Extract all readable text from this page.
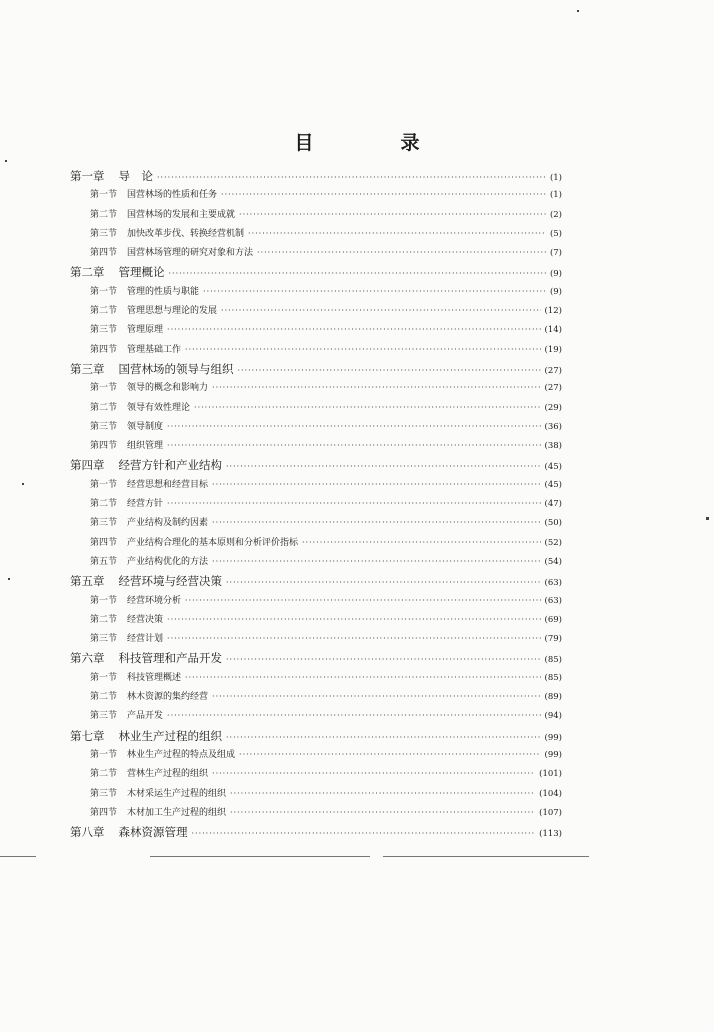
目　录
第一章 导　论 ·····	(1)
第一节 国营林场的性质和任务 ·····	(1)
第二节 国营林场的发展和主要成就 ·····	(2)
第三节 加快改革步伐、转换经营机制 ·····	(5)
第四节 国营林场管理的研究对象和方法 ·····	(7)
第二章 管理概论 ·····	(9)
第一节 管理的性质与职能 ·····	(9)
第二节 管理思想与理论的发展 ·····	(12)
第三节 管理原理 ·····	(14)
第四节 管理基础工作 ·····	(19)
第三章 国营林场的领导与组织 ·····	(27)
第一节 领导的概念和影响力 ·····	(27)
第二节 领导有效性理论 ·····	(29)
第三节 领导制度 ·····	(36)
第四节 组织管理 ·····	(38)
第四章 经营方针和产业结构 ·····	(45)
第一节 经营思想和经营目标 ·····	(45)
第二节 经营方针 ·····	(47)
第三节 产业结构及制约因素 ·····	(50)
第四节 产业结构合理化的基本原则和分析评价指标 ·····	(52)
第五节 产业结构优化的方法 ·····	(54)
第五章 经营环境与经营决策 ·····	(63)
第一节 经营环境分析 ·····	(63)
第二节 经营决策 ·····	(69)
第三节 经营计划 ·····	(79)
第六章 科技管理和产品开发 ·····	(85)
第一节 科技管理概述 ·····	(85)
第二节 林木资源的集约经营 ·····	(89)
第三节 产品开发 ·····	(94)
第七章 林业生产过程的组织 ·····	(99)
第一节 林业生产过程的特点及组成 ·····	(99)
第二节 营林生产过程的组织 ·····	(101)
第三节 木材采运生产过程的组织 ·····	(104)
第四节 木材加工生产过程的组织 ·····	(107)
第八章 森林资源管理 ·····	(113)
